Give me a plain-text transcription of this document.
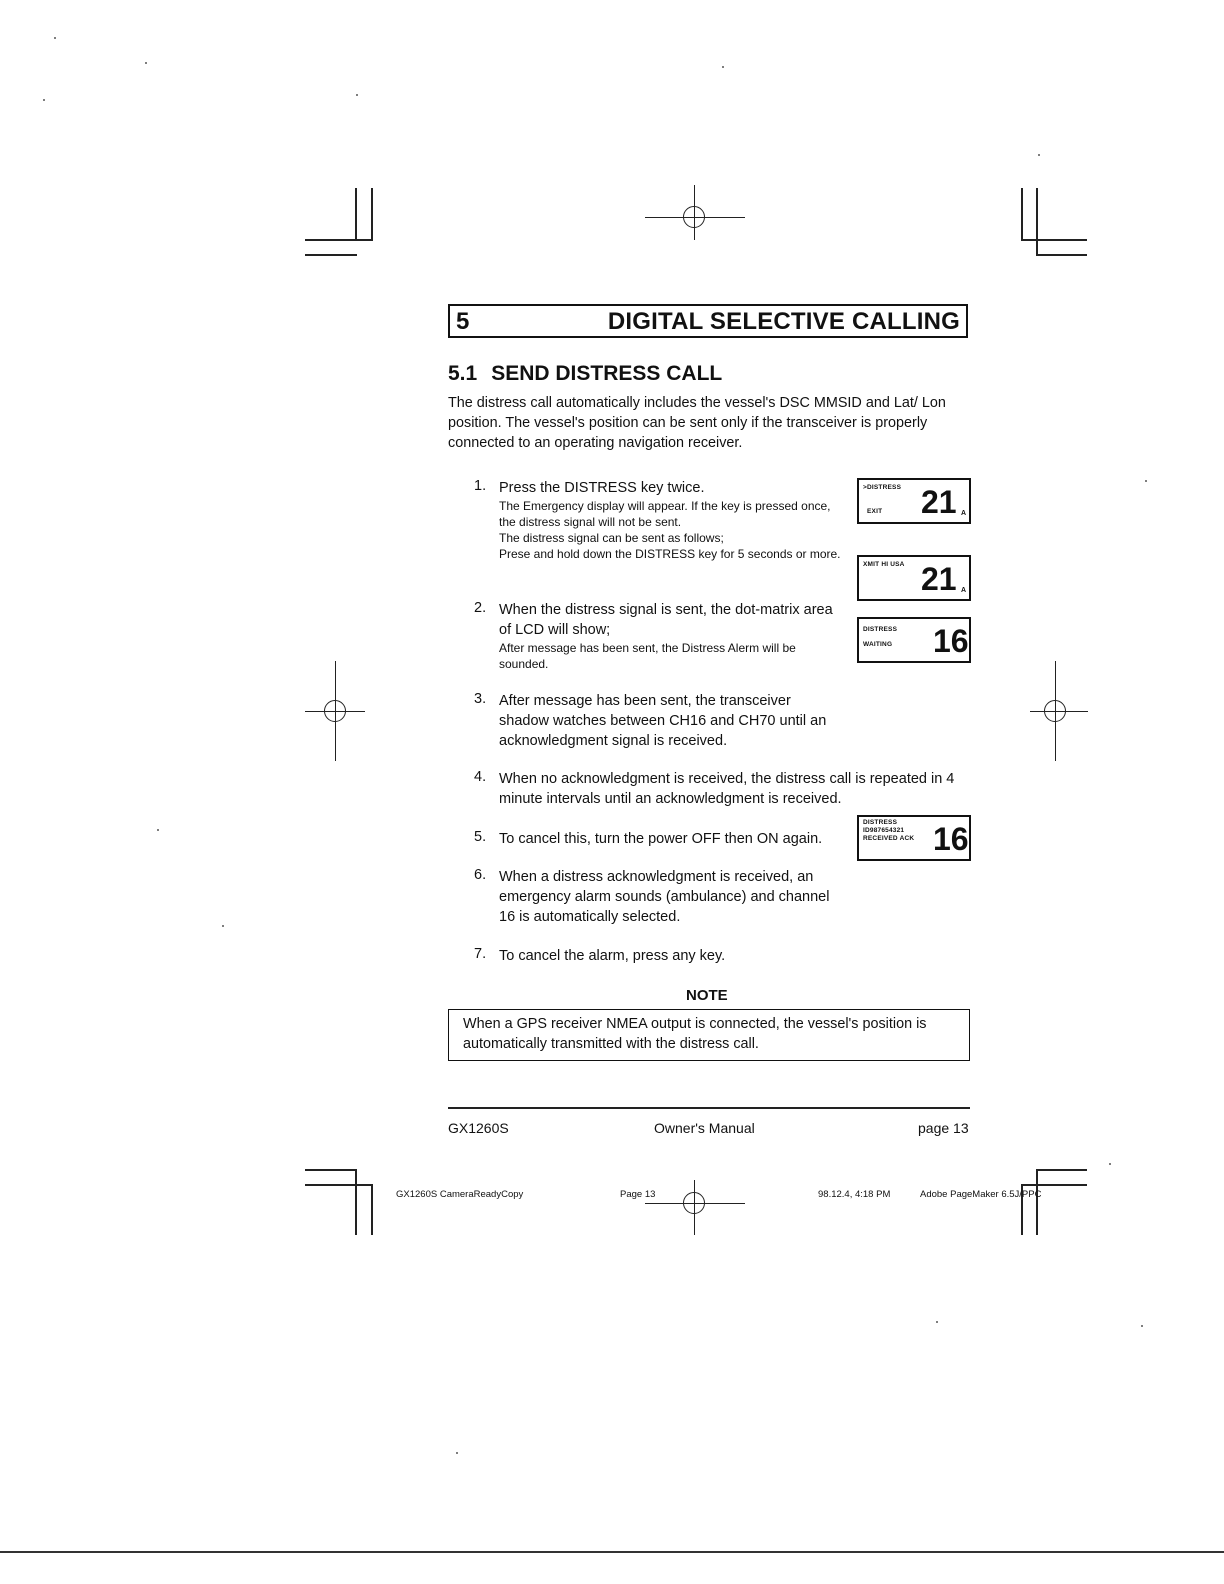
5	DIGITAL SELECTIVE CALLING
5.1 SEND DISTRESS CALL
The distress call automatically includes the vessel's DSC MMSID and Lat/ Lon position. The vessel's position can be sent only if the transceiver is properly connected to an operating navigation receiver.
1. Press the DISTRESS key twice.
The Emergency display will appear. If the key is pressed once, the distress signal will not be sent.
The distress signal can be sent as follows;
Prese and hold down the DISTRESS key for 5 seconds or more.
2. When the distress signal is sent, the dot-matrix area of LCD will show;
After message has been sent, the Distress Alerm will be sounded.
3. After message has been sent, the transceiver shadow watches between CH16 and CH70 until an acknowledgment signal is received.
4. When no acknowledgment is received, the distress call is repeated in 4 minute intervals until an acknowledgment is received.
5. To cancel this, turn the power OFF then ON again.
6. When a distress acknowledgment is received, an emergency alarm sounds (ambulance) and channel 16 is automatically selected.
7. To cancel the alarm, press any key.
>DISTRESS
EXIT 21 A
XMIT HI USA 21 A
DISTRESS
WAITING 16
DISTRESS
ID987654321
RECEIVED ACK 16
NOTE
When a GPS receiver NMEA output is connected, the vessel's position is automatically transmitted with the distress call.
GX1260S	Owner's Manual	page 13
GX1260S CameraReadyCopy	Page 13	98.12.4, 4:18 PM	Adobe PageMaker 6.5J/PPC
